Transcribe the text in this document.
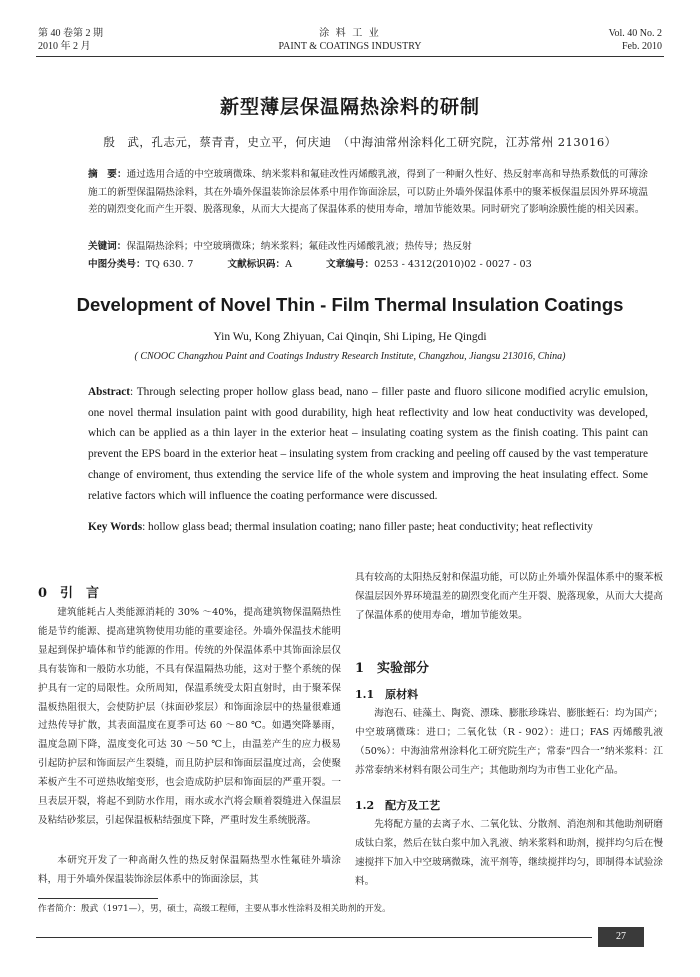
第 40 卷第 2 期
2010 年 2 月
涂 料 工 业
PAINT & COATINGS INDUSTRY
Vol. 40 No. 2
Feb. 2010
新型薄层保温隔热涂料的研制
殷　武，孔志元，蔡青青，史立平，何庆迪　（中海油常州涂料化工研究院，江苏常州 213016）
摘　要：通过选用合适的中空玻璃微珠、纳米浆料和氟硅改性丙烯酸乳液，得到了一种耐久性好、热反射率高和导热系数低的可薄涂施工的新型保温隔热涂料，其在外墙外保温装饰涂层体系中用作饰面涂层，可以防止外墙外保温体系中的聚苯板保温层因外界环境温差的剧烈变化而产生开裂、脱落现象，从而大大提高了保温体系的使用寿命，增加节能效果。同时研究了影响涂膜性能的相关因素。
关键词：保温隔热涂料；中空玻璃微珠；纳米浆料；氟硅改性丙烯酸乳液；热传导；热反射
中图分类号：TQ 630. 7	文献标识码：A	文章编号：0253 - 4312(2010)02 - 0027 - 03
Development of Novel Thin - Film Thermal Insulation Coatings
Yin Wu, Kong Zhiyuan, Cai Qinqin, Shi Liping, He Qingdi
( CNOOC Changzhou Paint and Coatings Industry Research Institute, Changzhou, Jiangsu 213016, China)
Abstract: Through selecting proper hollow glass bead, nano – filler paste and fluoro silicone modified acrylic emulsion, one novel thermal insulation paint with good durability, high heat reflectivity and low heat conductivity was developed, which can be applied as a thin layer in the exterior heat – insulating coating system as the finish coating. This paint can prevent the EPS board in the exterior heat – insulating system from cracking and peeling off caused by the vast temperature change of enviroment, thus extending the service life of the whole system and improving the heat insulating effect. Some relative factors which will influence the coating performance were discussed.
Key Words: hollow glass bead; thermal insulation coating; nano filler paste; heat conductivity; heat reflectivity
0　引　言
建筑能耗占人类能源消耗的 30% ～40%，提高建筑物保温隔热性能是节约能源、提高建筑物使用功能的重要途径。外墙外保温技术能明显起到保护墙体和节约能源的作用。传统的外保温体系中其饰面涂层仅具有装饰和一般防水功能，不具有保温隔热功能，这对于整个系统的保护具有一定的局限性。众所周知，保温系统受太阳直射时，由于聚苯保温板热阻很大，会使防护层（抹面砂浆层）和饰面涂层中的热量很难通过热传导扩散，其表面温度在夏季可达 60 ～80 ℃。如遇突降暴雨，温度急剧下降，温度变化可达 30 ～50 ℃上，由温差产生的应力极易引起防护层和饰面层产生裂缝，而且防护层和饰面层温度过高，会使聚苯板产生不可逆热收缩变形，也会造成防护层和饰面层的严重开裂。一旦表层开裂，将起不到防水作用，雨水或水汽将会顺着裂缝进入保温层及粘结砂浆层，引起保温板粘结强度下降，严重时发生系统脱落。
本研究开发了一种高耐久性的热反射保温隔热型水性氟硅外墙涂料，用于外墙外保温装饰涂层体系中的饰面涂层，其
具有较高的太阳热反射和保温功能，可以防止外墙外保温体系中的聚苯板保温层因外界环境温差的剧烈变化而产生开裂、脱落现象，从而大大提高了保温体系的使用寿命，增加节能效果。
1　实验部分
1.1　原材料
海泡石、硅藻土、陶瓷、漂珠、膨胀珍珠岩、膨胀蛭石：均为国产；中空玻璃微珠：进口；二氧化钛（R - 902）：进口；FAS 丙烯酸乳液（50%）：中海油常州涂料化工研究院生产；常泰“四合一”纳米浆料：江苏常泰纳米材料有限公司生产；其他助剂均为市售工业化产品。
1.2　配方及工艺
先将配方量的去离子水、二氧化钛、分散剂、消泡剂和其他助剂研磨成钛白浆，然后在钛白浆中加入乳液、纳米浆料和助剂，搅拌均匀后在慢速搅拌下加入中空玻璃微珠，流平剂等，继续搅拌均匀，即制得本试验涂料。
作者简介：殷武（1971—），男，硕士，高级工程师，主要从事水性涂料及相关助剂的开发。
27
